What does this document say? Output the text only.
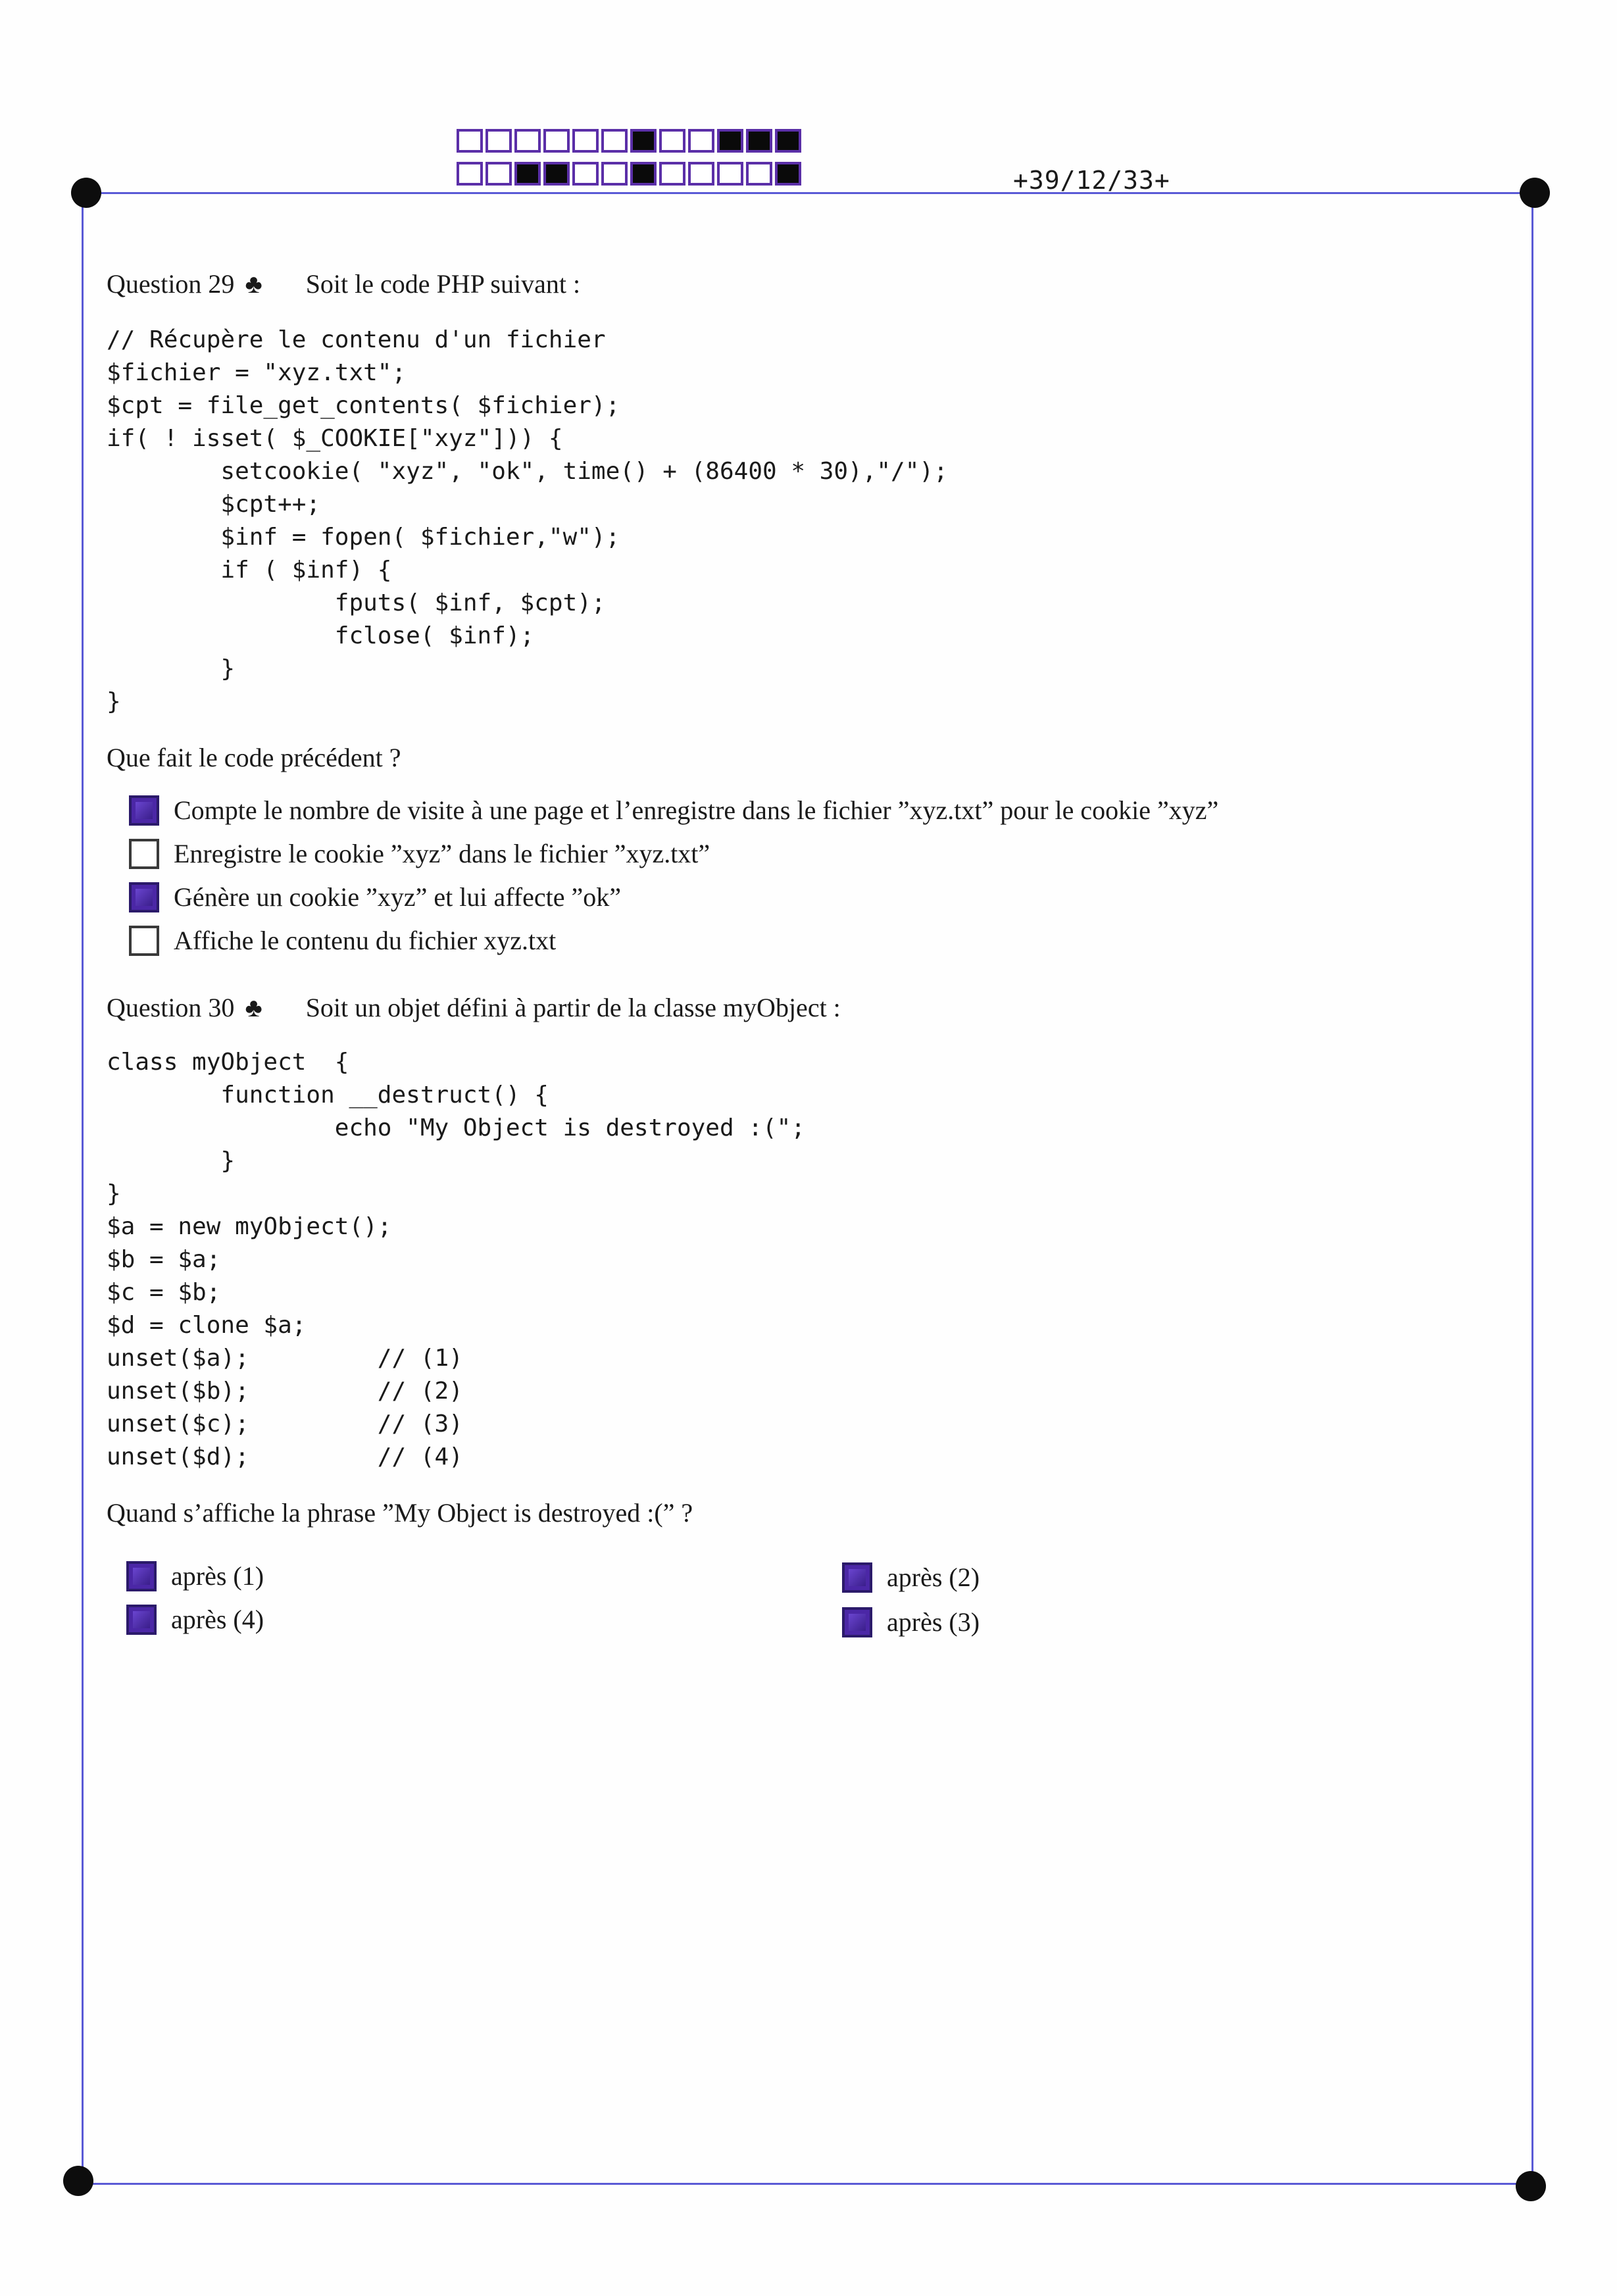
+39/12/33+
Question 29 ♣ Soit le code PHP suivant :
// Récupère le contenu d'un fichier
$fichier = "xyz.txt";
$cpt = file_get_contents( $fichier);
if( ! isset( $_COOKIE["xyz"])) {
setcookie( "xyz", "ok", time() + (86400 * 30),"/");
$cpt++;
$inf = fopen( $fichier,"w");
if ( $inf) {
fputs( $inf, $cpt);
fclose( $inf);
}
}
Que fait le code précédent ?
Compte le nombre de visite à une page et l’enregistre dans le fichier ”xyz.txt” pour le cookie ”xyz”
Enregistre le cookie ”xyz” dans le fichier ”xyz.txt”
Génère un cookie ”xyz” et lui affecte ”ok”
Affiche le contenu du fichier xyz.txt
Question 30 ♣ Soit un objet défini à partir de la classe myObject :
class myObject  {
function __destruct() {
echo "My Object is destroyed :(";
}
}
$a = new myObject();
$b = $a;
$c = $b;
$d = clone $a;
unset($a);         // (1)
unset($b);         // (2)
unset($c);         // (3)
unset($d);         // (4)
Quand s’affiche la phrase ”My Object is destroyed :(” ?
après (1)	après (2)
après (4)	après (3)
